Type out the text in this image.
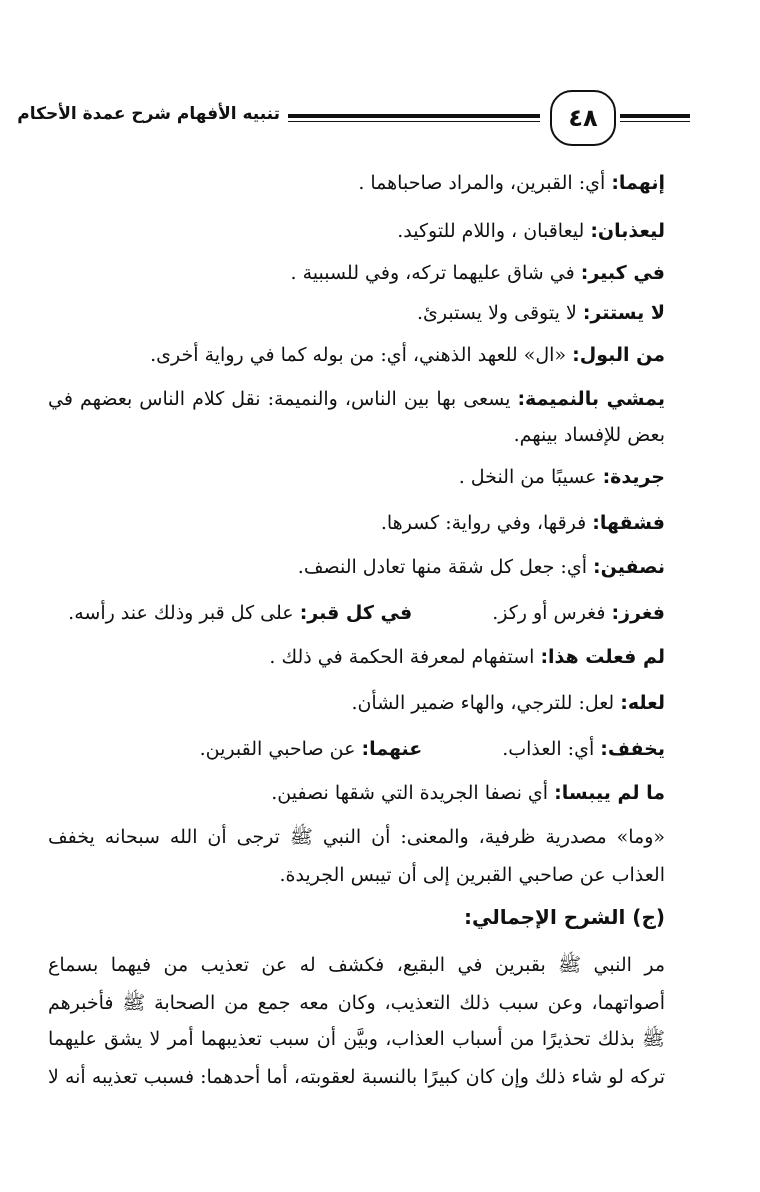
٤٨
تنبيه الأفهام شرح عمدة الأحكام
إنهما: أي: القبرين، والمراد صاحباهما .
ليعذبان: ليعاقبان ، واللام للتوكيد.
في كبير: في شاق عليهما تركه، وفي للسببية .
لا يستتر: لا يتوقى ولا يستبرئ.
من البول: «ال» للعهد الذهني، أي: من بوله كما في رواية أخرى.
يمشي بالنميمة: يسعى بها بين الناس، والنميمة: نقل كلام الناس بعضهم في
بعض للإفساد بينهم.
جريدة: عسيبًا من النخل .
فشقها: فرقها، وفي رواية: كسرها.
نصفين: أي: جعل كل شقة منها تعادل النصف.
فغرز: فغرس أو ركز.في كل قبر: على كل قبر وذلك عند رأسه.
لم فعلت هذا: استفهام لمعرفة الحكمة في ذلك .
لعله: لعل: للترجي، والهاء ضمير الشأن.
يخفف: أي: العذاب.عنهما: عن صاحبي القبرين.
ما لم ييبسا: أي نصفا الجريدة التي شقها نصفين.
«وما» مصدرية ظرفية، والمعنى: أن النبي ﷺ ترجى أن الله سبحانه يخفف
العذاب عن صاحبي القبرين إلى أن تيبس الجريدة.
(ج) الشرح الإجمالي:
مر النبي ﷺ بقبرين في البقيع، فكشف له عن تعذيب من فيهما بسماع
أصواتهما، وعن سبب ذلك التعذيب، وكان معه جمع من الصحابة ﷺ فأخبرهم
ﷺ بذلك تحذيرًا من أسباب العذاب، وبيَّن أن سبب تعذيبهما أمر لا يشق عليهما
تركه لو شاء ذلك وإن كان كبيرًا بالنسبة لعقوبته، أما أحدهما: فسبب تعذيبه أنه لا
